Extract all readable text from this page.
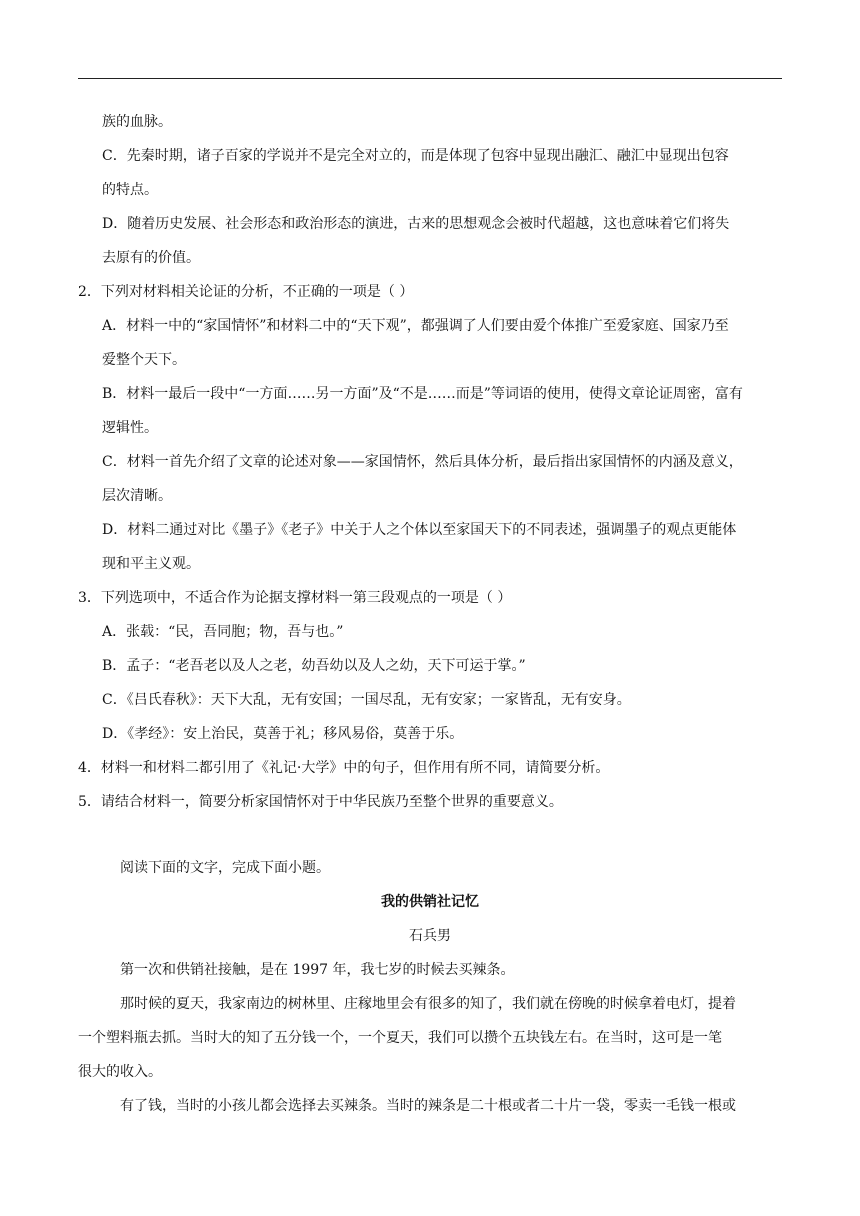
族的血脉。
C．先秦时期，诸子百家的学说并不是完全对立的，而是体现了包容中显现出融汇、融汇中显现出包容
的特点。
D．随着历史发展、社会形态和政治形态的演进，古来的思想观念会被时代超越，这也意味着它们将失
去原有的价值。
2．下列对材料相关论证的分析，不正确的一项是（ ）
A．材料一中的“家国情怀”和材料二中的“天下观”，都强调了人们要由爱个体推广至爱家庭、国家乃至
爱整个天下。
B．材料一最后一段中“一方面……另一方面”及“不是……而是”等词语的使用，使得文章论证周密，富有
逻辑性。
C．材料一首先介绍了文章的论述对象——家国情怀，然后具体分析，最后指出家国情怀的内涵及意义，
层次清晰。
D．材料二通过对比《墨子》《老子》中关于人之个体以至家国天下的不同表述，强调墨子的观点更能体
现和平主义观。
3．下列选项中，不适合作为论据支撑材料一第三段观点的一项是（ ）
A．张载：“民，吾同胞；物，吾与也。”
B．孟子：“老吾老以及人之老，幼吾幼以及人之幼，天下可运于掌。”
C．《吕氏春秋》：天下大乱，无有安国；一国尽乱，无有安家；一家皆乱，无有安身。
D．《孝经》：安上治民，莫善于礼；移风易俗，莫善于乐。
4．材料一和材料二都引用了《礼记·大学》中的句子，但作用有所不同，请简要分析。
5．请结合材料一，简要分析家国情怀对于中华民族乃至整个世界的重要意义。
阅读下面的文字，完成下面小题。
我的供销社记忆
石兵男
第一次和供销社接触，是在 1997 年，我七岁的时候去买辣条。
那时候的夏天，我家南边的树林里、庄稼地里会有很多的知了，我们就在傍晚的时候拿着电灯，提着
一个塑料瓶去抓。当时大的知了五分钱一个，一个夏天，我们可以攒个五块钱左右。在当时，这可是一笔
很大的收入。
有了钱，当时的小孩儿都会选择去买辣条。当时的辣条是二十根或者二十片一袋，零卖一毛钱一根或
